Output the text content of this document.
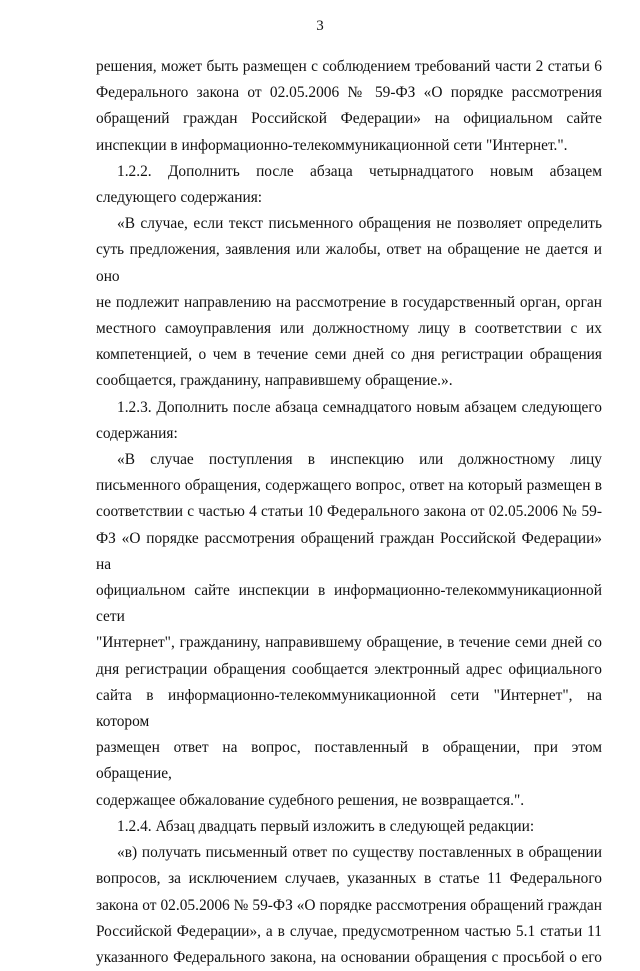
3
решения, может быть размещен с соблюдением требований части 2 статьи 6
Федерального закона от 02.05.2006 № 59-ФЗ «О порядке рассмотрения
обращений граждан Российской Федерации» на официальном сайте
инспекции в информационно-телекоммуникационной сети "Интернет.".
1.2.2. Дополнить после абзаца четырнадцатого новым абзацем
следующего содержания:
«В случае, если текст письменного обращения не позволяет определить
суть предложения, заявления или жалобы, ответ на обращение не дается и оно
не подлежит направлению на рассмотрение в государственный орган, орган
местного самоуправления или должностному лицу в соответствии с их
компетенцией, о чем в течение семи дней со дня регистрации обращения
сообщается, гражданину, направившему обращение.».
1.2.3. Дополнить после абзаца семнадцатого новым абзацем следующего
содержания:
«В случае поступления в инспекцию или должностному лицу
письменного обращения, содержащего вопрос, ответ на который размещен в
соответствии с частью 4 статьи 10 Федерального закона от 02.05.2006 № 59-
ФЗ «О порядке рассмотрения обращений граждан Российской Федерации» на
официальном сайте инспекции в информационно-телекоммуникационной сети
"Интернет", гражданину, направившему обращение, в течение семи дней со
дня регистрации обращения сообщается электронный адрес официального
сайта в информационно-телекоммуникационной сети "Интернет", на котором
размещен ответ на вопрос, поставленный в обращении, при этом обращение,
содержащее обжалование судебного решения, не возвращается.".
1.2.4. Абзац двадцать первый изложить в следующей редакции:
«в) получать письменный ответ по существу поставленных в обращении
вопросов, за исключением случаев, указанных в статье 11 Федерального
закона от 02.05.2006 № 59-ФЗ «О порядке рассмотрения обращений граждан
Российской Федерации», а в случае, предусмотренном частью 5.1 статьи 11
указанного Федерального закона, на основании обращения с просьбой о его
